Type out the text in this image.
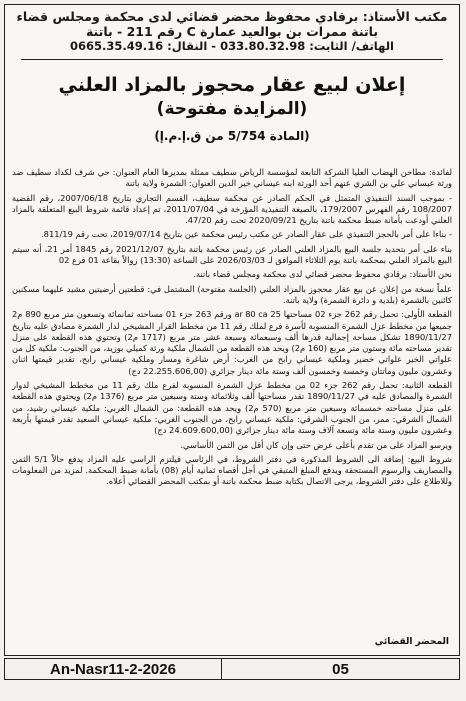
مكتب الأستاذ: برقادي محفوظ محضر قضائي لدى محكمة ومجلس قضاء
باتنة ممرات بن بوالعيد عمارة C رقم 211 - باتنة
الهاتف/ الثابت:
033.80.32.98
- النقال:
0665.35.49.16
إعلان لبيع عقار محجوز بالمزاد العلني
(المزايدة مفتوحة)
(المادة 5/754 من ق.إ.م.إ)

لفائدة: مطاحن الهضاب العليا الشركة التابعة لمؤسسة الرياض سطيف ممثلة بمديرها العام العنوان: حي شرف لكداد سطيف ضد ورثة عيساني علي بن الشري عنهم أحد الورثة ابنه عيساني خير الدين العنوان: الشمرة ولاية باتنة

- بموجب السند التنفيذي المتمثل في الحكم الصادر عن محكمة سطيف، القسم التجاري بتاريخ 2007/06/18، رقم القضية 108/2007 رقم الفهرس 179/2007، بالصيغة التنفيذية المؤرخة في 2011/07/04، تم إعداد قائمة شروط البيع المتعلقة بالمزاد العلني أودعت بأمانة ضبط محكمة باتنة بتاريخ 2020/09/21 تحت رقم 47/20.

- بناءا على أمر بالحجز التنفيذي على عقار الصادر عن مكتب رئيس محكمة عين بتاريخ 2019/07/14، تحت رقم 811/19.

بناء على أمر بتحديد جلسة البيع بالمزاد العلني الصادر عن رئيس محكمة باتنة بتاريخ 2021/12/07 رقم 1845 أمر 21، أنه سيتم البيع بالمزاد العلني بمحكمة باتنة يوم الثلاثاء الموافق لـ 2026/03/03 على الساعة (13:30) زوالاً بقاعة 01 فرع 02

نحن الأستاذ: برقادي محفوظ محضر قضائي لدى محكمة ومجلس قضاء باتنة.

علماً نسخة من إعلان عن بيع عقار محجوز بالمزاد العلني (الجلسة مفتوحة) المشتمل في: قطعتين أرضيتين مشيد عليهما مسكنين كائنين بالشمرة (بلدية و دائرة الشمرة) ولاية باتنة.

القطعة الأولى: تحمل رقم 262 جزء 02 مساحتها 25 ar 80 ca ورقم 263 جزء 01 مساحته ثمانمائة وتسعون متر مربع 890 م2 جميعها من مخطط عزل الشمرة المنسوبة لأسرة فرع لملك رقم 11 من مخطط القرار المشيخي لدار الشمرة مصادق عليه بتاريخ 1890/11/27 تشكل مساحة إجمالية قدرها ألف وسبعمائة وسبعة عشر متر مربع (1717 م2) وتحتوي هذه القطعة على منزل تقدير مساحته مائة وستون متر مربع (160 م2) ويحد هذه القطعة من الشمال ملكية ورثة كميلي بوزيد، من الجنوب: ملكية كل من علواتي الخير علواتي خضير وملكية عيساني رابح من الغرب: أرض شاغرة ومسار وملكية عيساني رابح، تقدير قيمتها اثنان وعشرون مليون وماتتان وخمسة وخمسون ألف وستة مائة دينار جزائري (22.255.606,00 دج)

القطعة الثانية: تحمل رقم 262 جزء 02 من مخطط عزل الشمرة المنسوبة لفرع ملك رقم 11 من مخطط المشيخي لدوار الشمرة والمصادق عليه في 1890/11/27 تقدر مساحتها ألف وثلاثمائة وستة وسبعين متر مربع (1376 م2) ويحتوي هذه القطعة على منزل مساحته خمسمائة وسبعين متر مربع (570 م2) ويحد هذه القطعة: من الشمال الغربي: ملكية عيساني رشيد، من الشمال الشرقي: ممر، من الجنوب الشرقي: ملكية عيساني رابح، من الجنوب الغربي: ملكية عيساني السعيد تقدر قيمتها بأربعة وعشرون مليون وستة مائة وتسعة آلاف وستة مائة دينار جزائري (24.609.600,00 دج)

ويرسو المزاد على من تقدم بأعلى عرض حتى وإن كان أقل من الثمن الأساسي.

شروط البيع: إضافة الى الشروط المذكورة في دفتر الشروط، في الرئاسي فيلتزم الراسي عليه المزاد يدفع حالاً 5/1 الثمن والمصاريف والرسوم المستحقة ويدفع المبلغ المتبقي في أجل أقصاه ثمانية أيام (08) بأمانة ضبط المحكمة. لمزيد من المعلومات وللاطلاع على دفتر الشروط، يرجى الاتصال بكتابة ضبط محكمة باتنة أو بمكتب المحضر القضائي أعلاه.

المحضر القضائي
An-Nasr11-2-2026	05
